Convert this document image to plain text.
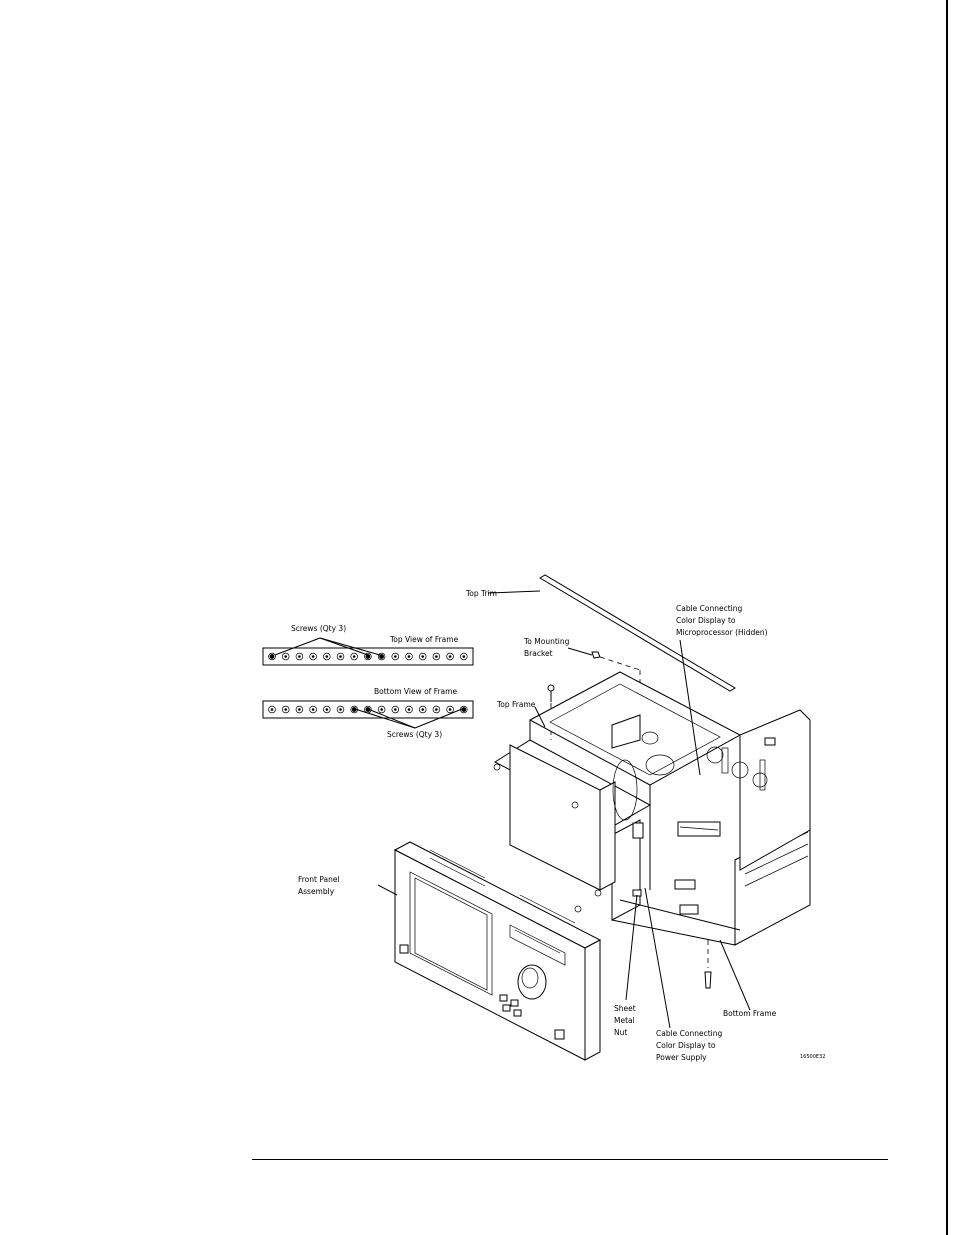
Top Trim
Cable Connecting
Color Display to
Microprocessor (Hidden)
Screws (Qty 3)
Top View of Frame	To Mounting
Bracket
Bottom View of Frame
Top Frame
Screws (Qty 3)
Front Panel
Assembly
Sheet
Metal
Nut
Bottom Frame
Cable Connecting
Color Display to
Power Supply	16500E32
